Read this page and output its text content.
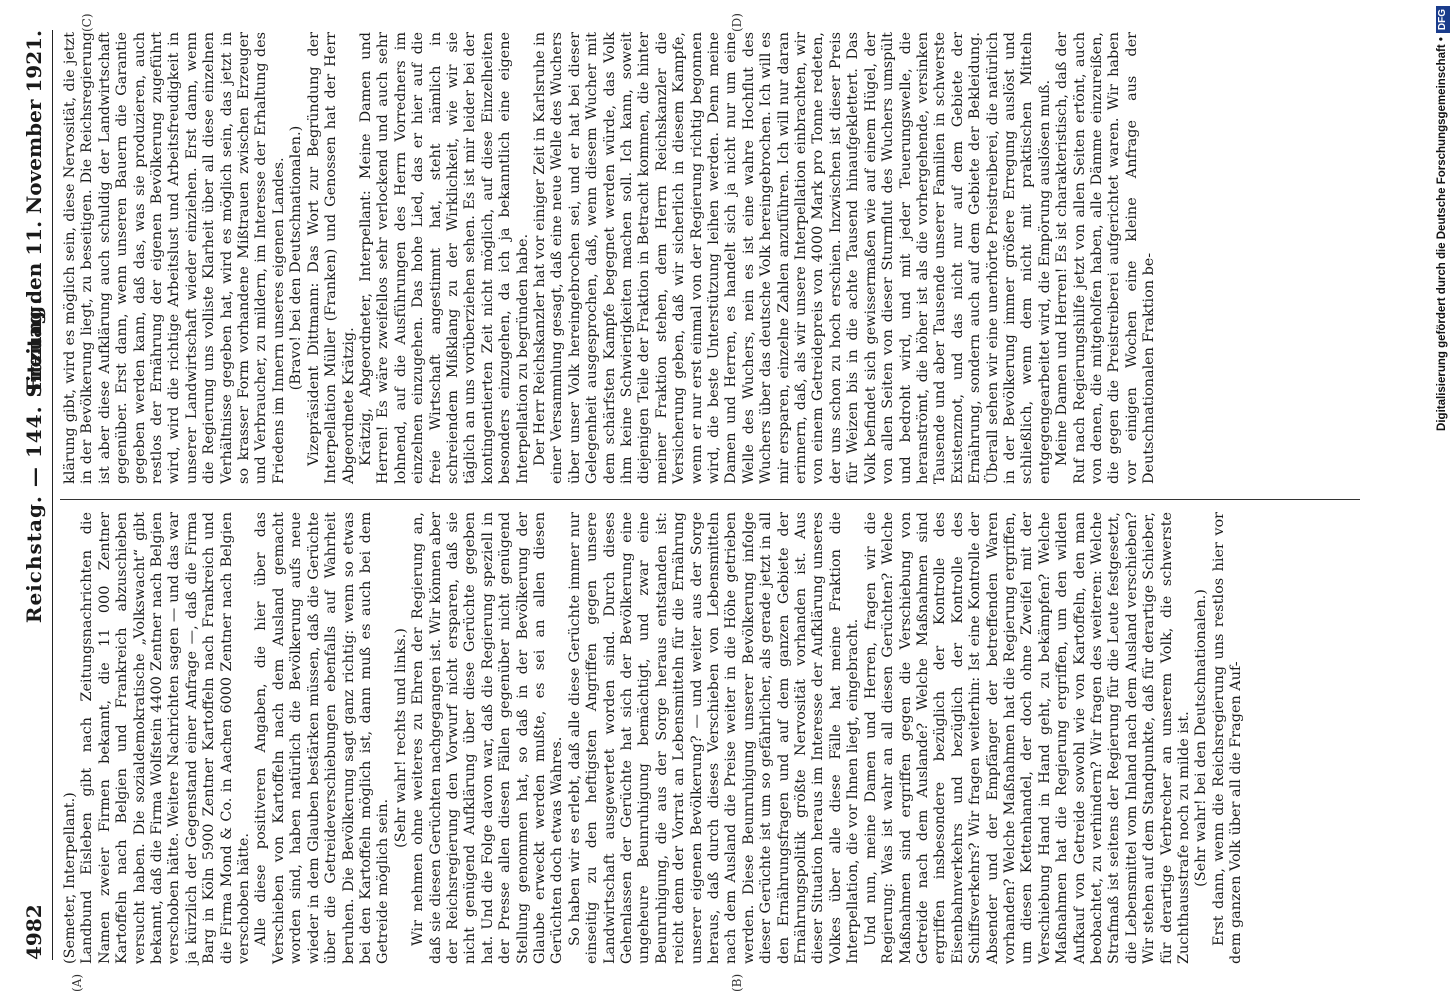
4982
Reichstag. — 144. Sitzung.
Freitag den 11. November 1921.

(Semeter, Interpellant.) Landbund Eisleben gibt nach Zeitungsnachrichten die Namen zweier Firmen bekannt, die 11 000 Zentner Kartoffeln nach Belgien und Frankreich abzuschieben versucht haben. Die sozialdemokratische „Volkswacht“ gibt bekannt, daß die Firma Wolfstein 4400 Zentner nach Belgien verschoben hätte. Weitere Nachrichten sagen — und das war ja kürzlich der Gegenstand einer Anfrage —, daß die Firma Barg in Köln 5900 Zentner Kartoffeln nach Frankreich und die Firma Mond & Co. in Aachen 6000 Zentner nach Belgien verschoben hätte. Alle diese positiveren Angaben, die hier über das Verschieben von Kartoffeln nach dem Ausland gemacht worden sind, haben natürlich die Bevölkerung aufs neue wieder in dem Glauben bestärken müssen, daß die Gerüchte über die Getreideverschiebungen ebenfalls auf Wahrheit beruhen. Die Bevölkerung sagt ganz richtig: wenn so etwas bei den Kartoffeln möglich ist, dann muß es auch bei dem Getreide möglich sein.

(Sehr wahr! rechts und links.) Wir nehmen ohne weiteres zu Ehren der Regierung an, daß sie diesen Gerüchten nachgegangen ist. Wir können aber der Reichsregierung den Vorwurf nicht ersparen, daß sie nicht genügend Aufklärung über diese Gerüchte gegeben hat. Und die Folge davon war, daß die Regierung speziell in der Presse allen diesen Fällen gegenüber nicht genügend Stellung genommen hat, so daß in der Bevölkerung der Glaube erweckt werden mußte, es sei an allen diesen Gerüchten doch etwas Wahres. So haben wir es erlebt, daß alle diese Gerüchte immer nur einseitig zu den heftigsten Angriffen gegen unsere Landwirtschaft ausgewertet worden sind. Durch dieses Gehenlassen der Gerüchte hat sich der Bevölkerung eine ungeheure Beunruhigung bemächtigt, und zwar eine Beunruhigung, die aus der Sorge heraus entstanden ist: reicht denn der Vorrat an Lebensmitteln für die Ernährung unserer eigenen Bevölkerung? — und weiter aus der Sorge heraus, daß durch dieses Verschieben von Lebensmitteln nach dem Ausland die Preise weiter in die Höhe getrieben werden. Diese Beunruhigung unserer Bevölkerung infolge dieser Gerüchte ist um so gefährlicher, als gerade jetzt in all den Ernährungsfragen und auf dem ganzen Gebiete der Ernährungspolitik größte Nervosität vorhanden ist. Aus dieser Situation heraus im Interesse der Aufklärung unseres Volkes über alle diese Fälle hat meine Fraktion die Interpellation, die vor Ihnen liegt, eingebracht. Und nun, meine Damen und Herren, fragen wir die Regierung: Was ist wahr an all diesen Gerüchten? Welche Maßnahmen sind ergriffen gegen die Verschiebung von Getreide nach dem Auslande? Welche Maßnahmen sind ergriffen insbesondere bezüglich der Kontrolle des Eisenbahnverkehrs und bezüglich der Kontrolle des Schiffsverkehrs? Wir fragen weiterhin: Ist eine Kontrolle der Absender und der Empfänger der betreffenden Waren vorhanden? Welche Maßnahmen hat die Regierung ergriffen, um diesen Kettenhandel, der doch ohne Zweifel mit der Verschiebung Hand in Hand geht, zu bekämpfen? Welche Maßnahmen hat die Regierung ergriffen, um den wilden Aufkauf von Getreide sowohl wie von Kartoffeln, den man beobachtet, zu verhindern? Wir fragen des weiteren: Welche Strafmaß ist seitens der Regierung für die Leute festgesetzt, die Lebensmittel vom Inland nach dem Ausland verschieben? Wir stehen auf dem Standpunkte, daß für derartige Schieber, für derartige Verbrecher an unserem Volk, die schwerste Zuchthausstrafe noch zu milde ist. (Sehr wahr! bei den Deutschnationalen.) Erst dann, wenn die Reichsregierung uns restlos hier vor dem ganzen Volk über all die Fragen Auf-

klärung gibt, wird es möglich sein, diese Nervosität, die jetzt in der Bevölkerung liegt, zu beseitigen. Die Reichsregierung ist aber diese Aufklärung auch schuldig der Landwirtschaft gegenüber. Erst dann, wenn unseren Bauern die Garantie gegeben werden kann, daß das, was sie produzieren, auch restlos der Ernährung der eigenen Bevölkerung zugeführt wird, wird die richtige Arbeitslust und Arbeitsfreudigkeit in unserer Landwirtschaft wieder einziehen. Erst dann, wenn die Regierung uns volliste Klarheit über all diese einzelnen Verhältnisse gegeben hat, wird es möglich sein, das jetzt in so krasser Form vorhandene Mißtrauen zwischen Erzeuger und Verbraucher, zu mildern, im Interesse der Erhaltung des Friedens im Innern unseres eigenen Landes. (Bravo! bei den Deutschnationalen.) Vizepräsident Dittmann: Das Wort zur Begründung der Interpellation Müller (Franken) und Genossen hat der Herr Abgeordnete Krätzig. Krätzig, Abgeordneter, Interpellant: Meine Damen und Herren! Es wäre zweifellos sehr verlockend und auch sehr lohnend, auf die Ausführungen des Herrn Vorredners im einzelnen einzugehen. Das hohe Lied, das er hier auf die freie Wirtschaft angestimmt hat, steht nämlich in schreiendem Mißklang zu der Wirklichkeit, wie wir sie täglich an uns vorüberziehen sehen. Es ist mir leider bei der kontingentierten Zeit nicht möglich, auf diese Einzelheiten besonders einzugehen, da ich ja bekanntlich eine eigene Interpellation zu begründen habe. Der Herr Reichskanzler hat vor einiger Zeit in Karlsruhe in einer Versammlung gesagt, daß eine neue Welle des Wuchers über unser Volk hereingebrochen sei, und er hat bei dieser Gelegenheit ausgesprochen, daß, wenn diesem Wucher mit dem schärfsten Kampfe begegnet werden würde, das Volk ihm keine Schwierigkeiten machen soll. Ich kann, soweit diejenigen Teile der Fraktion in Betracht kommen, die hinter meiner Fraktion stehen, dem Herrn Reichskanzler die Versicherung geben, daß wir sicherlich in diesem Kampfe, wenn er nur erst einmal von der Regierung richtig begonnen wird, die beste Unterstützung leihen werden. Denn meine Damen und Herren, es handelt sich ja nicht nur um eine Welle des Wuchers, nein es ist eine wahre Hochflut des Wuchers über das deutsche Volk hereingebrochen. Ich will es mir ersparen, einzelne Zahlen anzuführen. Ich will nur daran erinnern, daß, als wir unsere Interpellation einbrachten, wir von einem Getreidepreis von 4000 Mark pro Tonne redeten, der uns schon zu hoch erschien. Inzwischen ist dieser Preis für Weizen bis in die achte Tausend hinaufgeklettert. Das Volk befindet sich gewissermaßen wie auf einem Hügel, der von allen Seiten von dieser Sturmflut des Wuchers umspült und bedroht wird, und mit jeder Teuerungswelle, die heranströmt, die höher ist als die vorhergehende, versinken Tausende und aber Tausende unserer Familien in schwerste Existenznot, und das nicht nur auf dem Gebiete der Ernährung, sondern auch auf dem Gebiete der Bekleidung. Überall sehen wir eine unerhörte Preistreiberei, die natürlich in der Bevölkerung immer größere Erregung auslöst und schließlich, wenn dem nicht mit praktischen Mitteln entgegengearbeitet wird, die Empörung auslösen muß. Meine Damen und Herren! Es ist charakteristisch, daß der Ruf nach Regierungshilfe jetzt von allen Seiten ertönt, auch von denen, die mitgeholfen haben, alle Dämme einzureißen, die gegen die Preistreiberei aufgerichtet waren. Wir haben vor einigen Wochen eine kleine Anfrage aus der Deutschnationalen Fraktion be-

(A)	(B)
(C)	(D)
Digitalisierung gefördert durch die Deutsche Forschungsgemeinschaft •DFG
